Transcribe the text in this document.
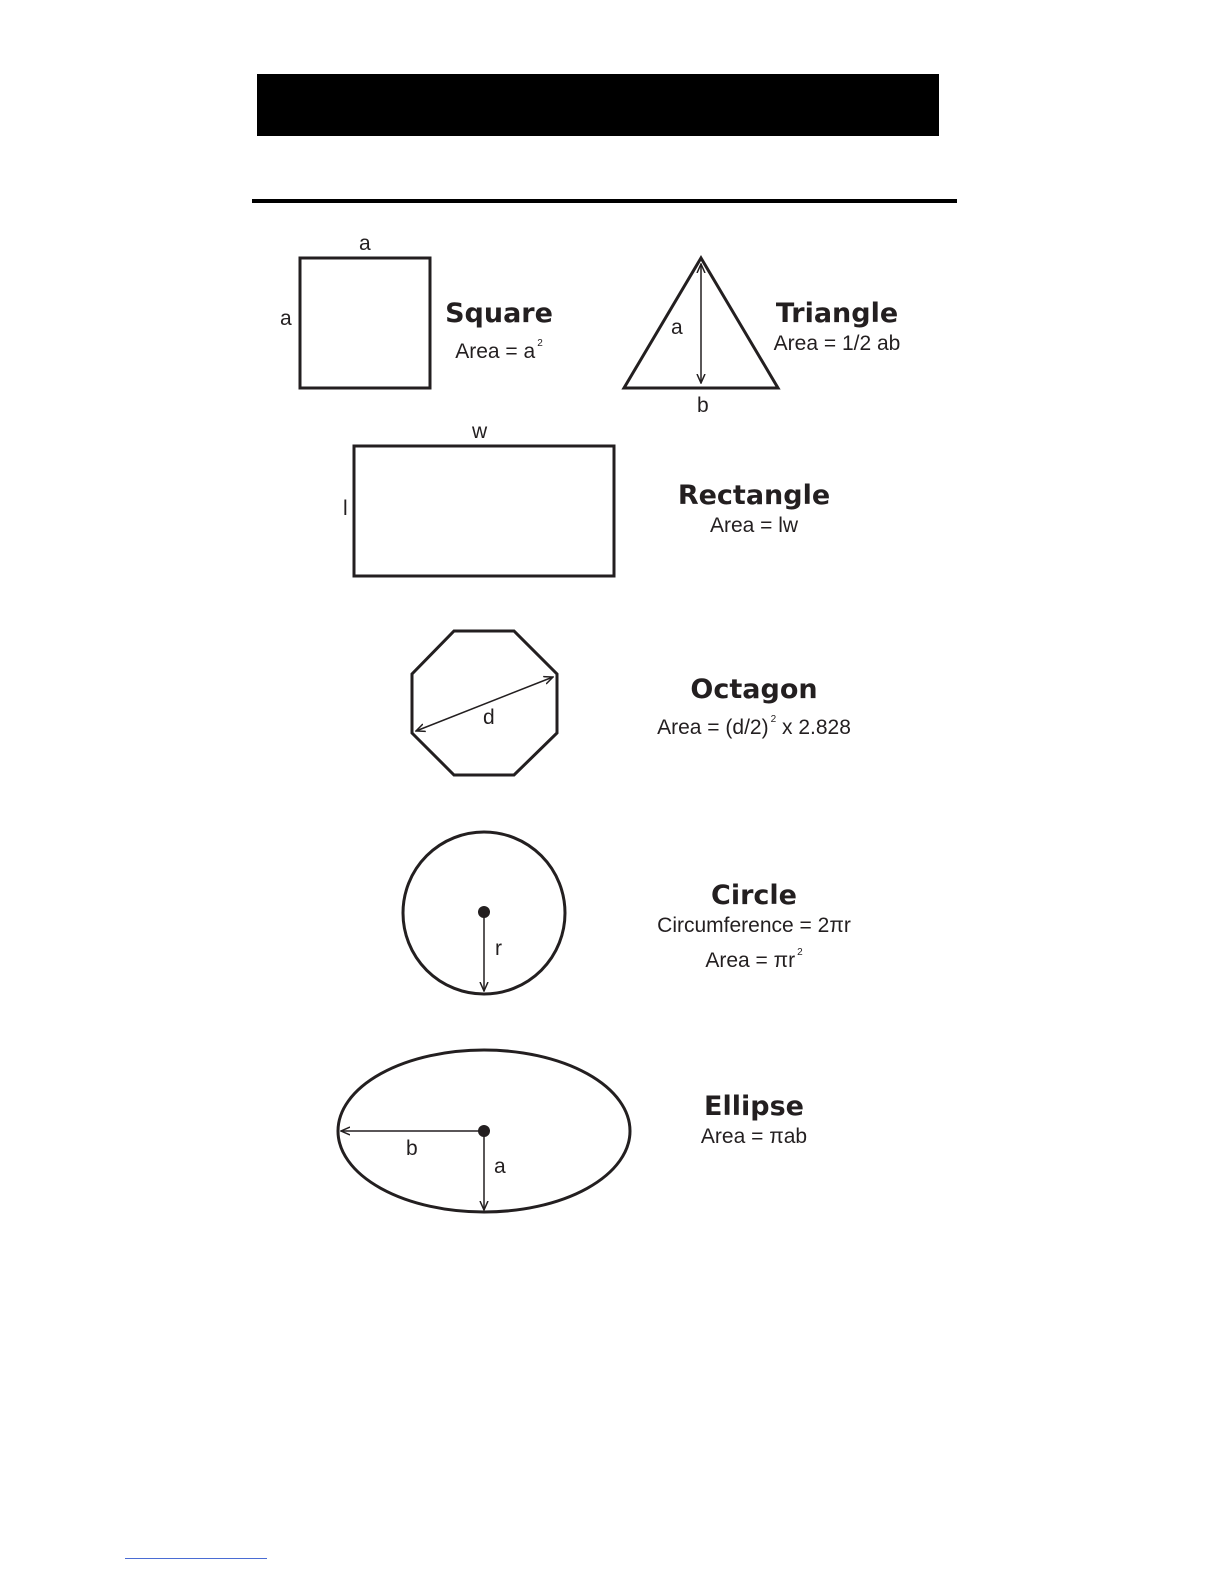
a
a	Square
Area = a $^2$
a
b
Triangle
Area = 1/2 ab
w
l	Rectangle
Area = lw
d
Octagon
Area = (d/2) $^2$ x 2.828
r
Circle
Circumference = 2πr
Area = πr $^2$
b
a
Ellipse
Area = πab
